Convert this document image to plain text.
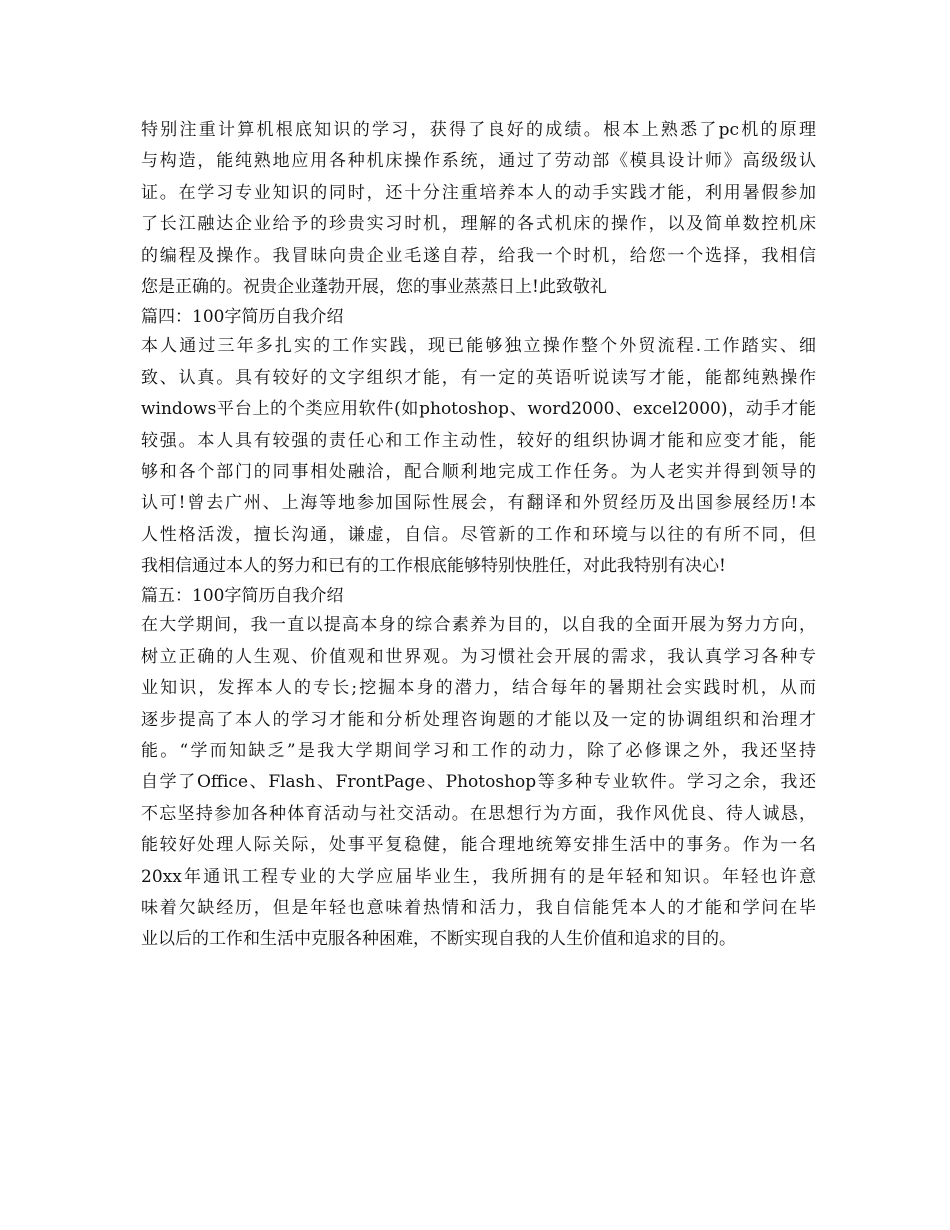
特别注重计算机根底知识的学习，获得了良好的成绩。根本上熟悉了pc机的原理
与构造，能纯熟地应用各种机床操作系统，通过了劳动部《模具设计师》高级级认
证。在学习专业知识的同时，还十分注重培养本人的动手实践才能，利用暑假参加
了长江融达企业给予的珍贵实习时机，理解的各式机床的操作，以及简单数控机床
的编程及操作。我冒昧向贵企业毛遂自荐，给我一个时机，给您一个选择，我相信
您是正确的。祝贵企业蓬勃开展，您的事业蒸蒸日上!此致敬礼
篇四：100字简历自我介绍
本人通过三年多扎实的工作实践，现已能够独立操作整个外贸流程.工作踏实、细
致、认真。具有较好的文字组织才能，有一定的英语听说读写才能，能都纯熟操作
windows平台上的个类应用软件(如photoshop、word2000、excel2000)，动手才能
较强。本人具有较强的责任心和工作主动性，较好的组织协调才能和应变才能，能
够和各个部门的同事相处融洽，配合顺利地完成工作任务。为人老实并得到领导的
认可!曾去广州、上海等地参加国际性展会，有翻译和外贸经历及出国参展经历!本
人性格活泼，擅长沟通，谦虚，自信。尽管新的工作和环境与以往的有所不同，但
我相信通过本人的努力和已有的工作根底能够特别快胜任，对此我特别有决心!
篇五：100字简历自我介绍
在大学期间，我一直以提高本身的综合素养为目的，以自我的全面开展为努力方向，
树立正确的人生观、价值观和世界观。为习惯社会开展的需求，我认真学习各种专
业知识，发挥本人的专长;挖掘本身的潜力，结合每年的暑期社会实践时机，从而
逐步提高了本人的学习才能和分析处理咨询题的才能以及一定的协调组织和治理才
能。“学而知缺乏”是我大学期间学习和工作的动力，除了必修课之外，我还坚持
自学了Office、Flash、FrontPage、Photoshop等多种专业软件。学习之余，我还
不忘坚持参加各种体育活动与社交活动。在思想行为方面，我作风优良、待人诚恳，
能较好处理人际关际，处事平复稳健，能合理地统筹安排生活中的事务。作为一名
20xx年通讯工程专业的大学应届毕业生，我所拥有的是年轻和知识。年轻也许意
味着欠缺经历，但是年轻也意味着热情和活力，我自信能凭本人的才能和学问在毕
业以后的工作和生活中克服各种困难，不断实现自我的人生价值和追求的目的。
